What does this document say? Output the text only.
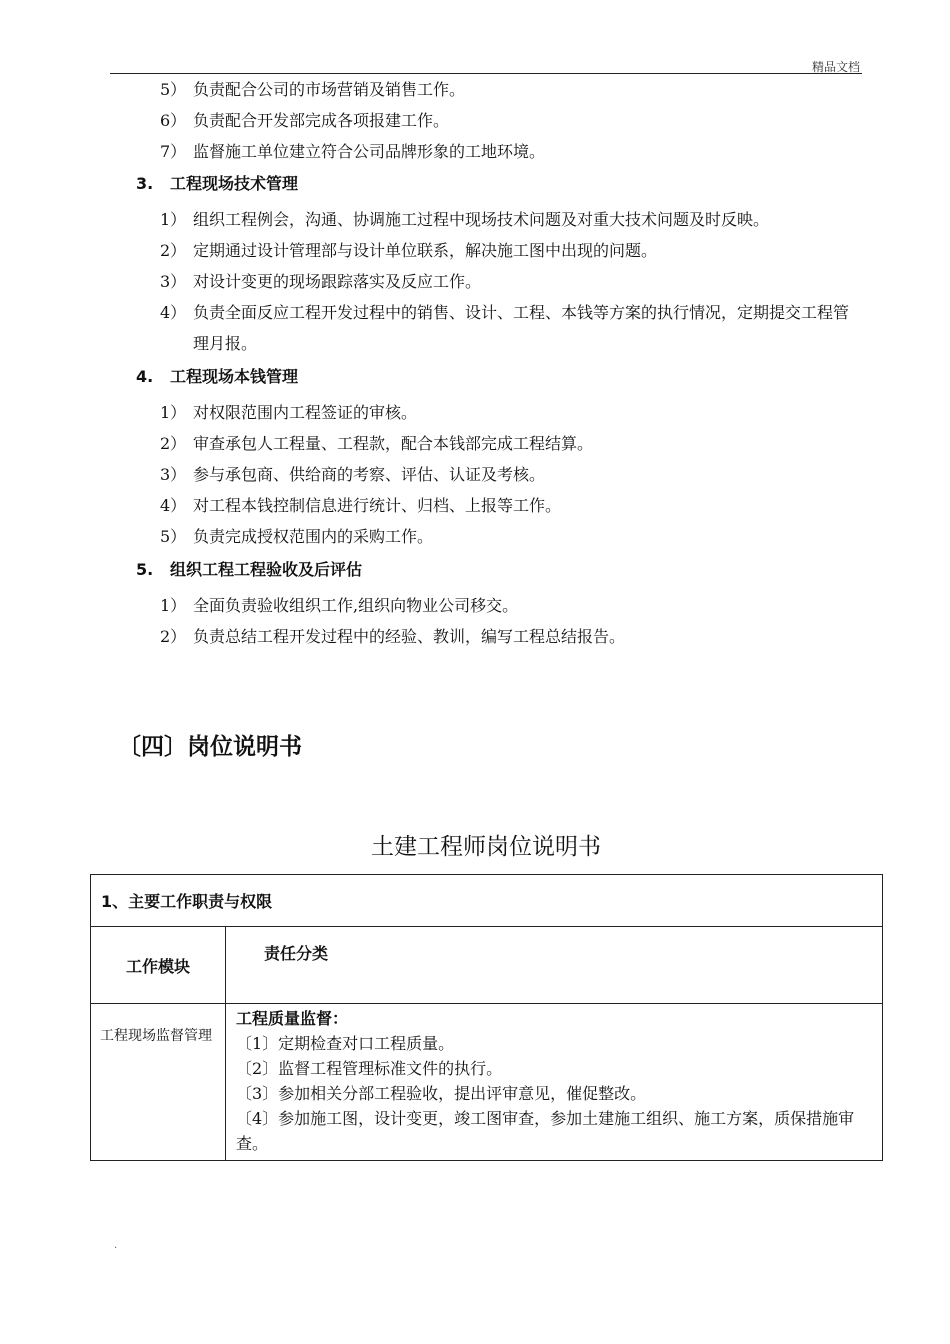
精品文档
5） 负责配合公司的市场营销及销售工作。
6） 负责配合开发部完成各项报建工作。
7） 监督施工单位建立符合公司品牌形象的工地环境。
3. 工程现场技术管理
1） 组织工程例会，沟通、协调施工过程中现场技术问题及对重大技术问题及时反映。
2） 定期通过设计管理部与设计单位联系，解决施工图中出现的问题。
3） 对设计变更的现场跟踪落实及反应工作。
4） 负责全面反应工程开发过程中的销售、设计、工程、本钱等方案的执行情况，定期提交工程管理月报。
4. 工程现场本钱管理
1） 对权限范围内工程签证的审核。
2） 审查承包人工程量、工程款，配合本钱部完成工程结算。
3） 参与承包商、供给商的考察、评估、认证及考核。
4） 对工程本钱控制信息进行统计、归档、上报等工作。
5） 负责完成授权范围内的采购工作。
5. 组织工程工程验收及后评估
1） 全面负责验收组织工作,组织向物业公司移交。
2） 负责总结工程开发过程中的经验、教训，编写工程总结报告。
〔四〕岗位说明书
土建工程师岗位说明书
1、主要工作职责与权限	
工作模块	责任分类
工程现场监督管理	工程质量监督：
〔1〕定期检查对口工程质量。
〔2〕监督工程管理标准文件的执行。
〔3〕参加相关分部工程验收，提出评审意见，催促整改。
〔4〕参加施工图，设计变更，竣工图审查，参加土建施工组织、施工方案，质保措施审查。
.
